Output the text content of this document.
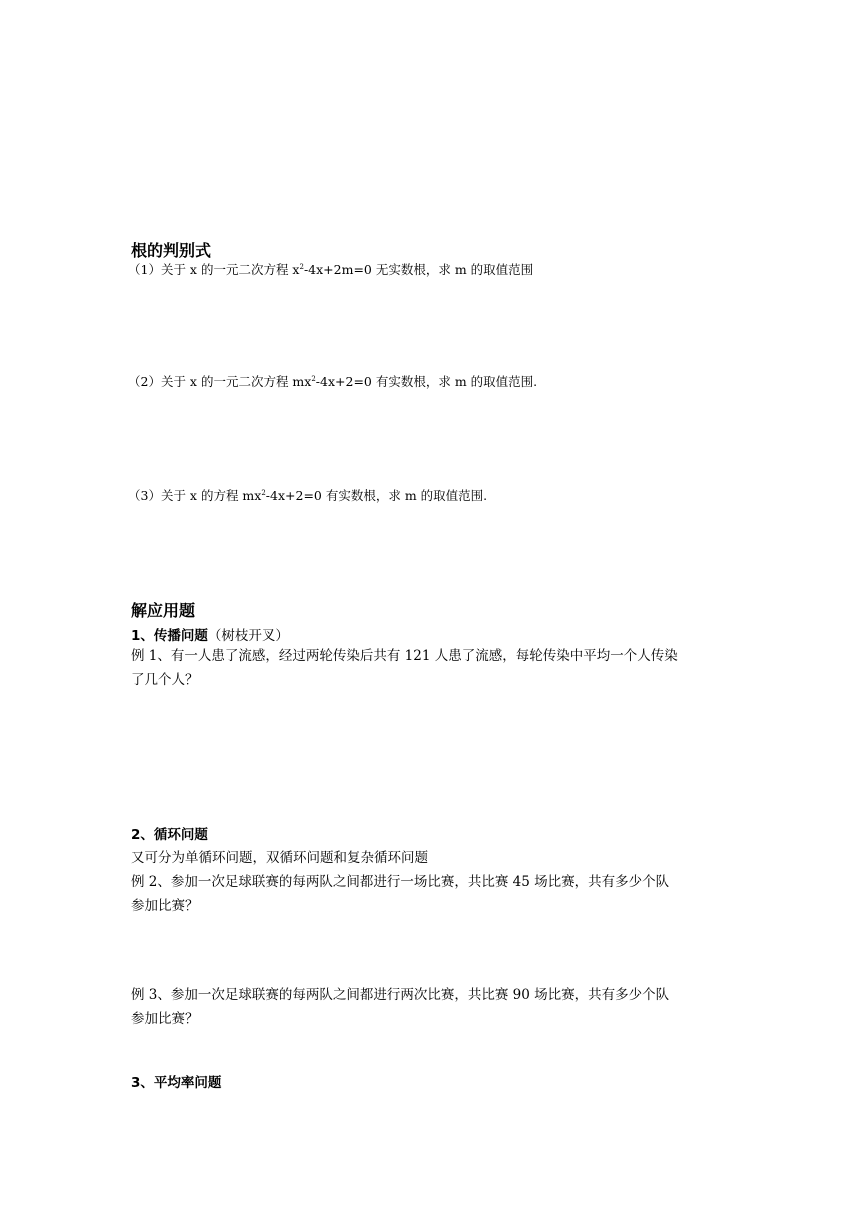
根的判别式
（1）关于 x 的一元二次方程 $x^2-4x+2m=0$ 无实数根，求 m 的取值范围
（2）关于 x 的一元二次方程 $mx^2-4x+2=0$ 有实数根，求 m 的取值范围.
（3）关于 x 的方程 $mx^2-4x+2=0$ 有实数根，求 m 的取值范围.
解应用题
1、传播问题（树枝开叉）
例 1、有一人患了流感，经过两轮传染后共有 121 人患了流感，每轮传染中平均一个人传染
了几个人？
2、循环问题
又可分为单循环问题，双循环问题和复杂循环问题
例 2、参加一次足球联赛的每两队之间都进行一场比赛，共比赛 45 场比赛，共有多少个队
参加比赛？
例 3、参加一次足球联赛的每两队之间都进行两次比赛，共比赛 90 场比赛，共有多少个队
参加比赛？
3、平均率问题
